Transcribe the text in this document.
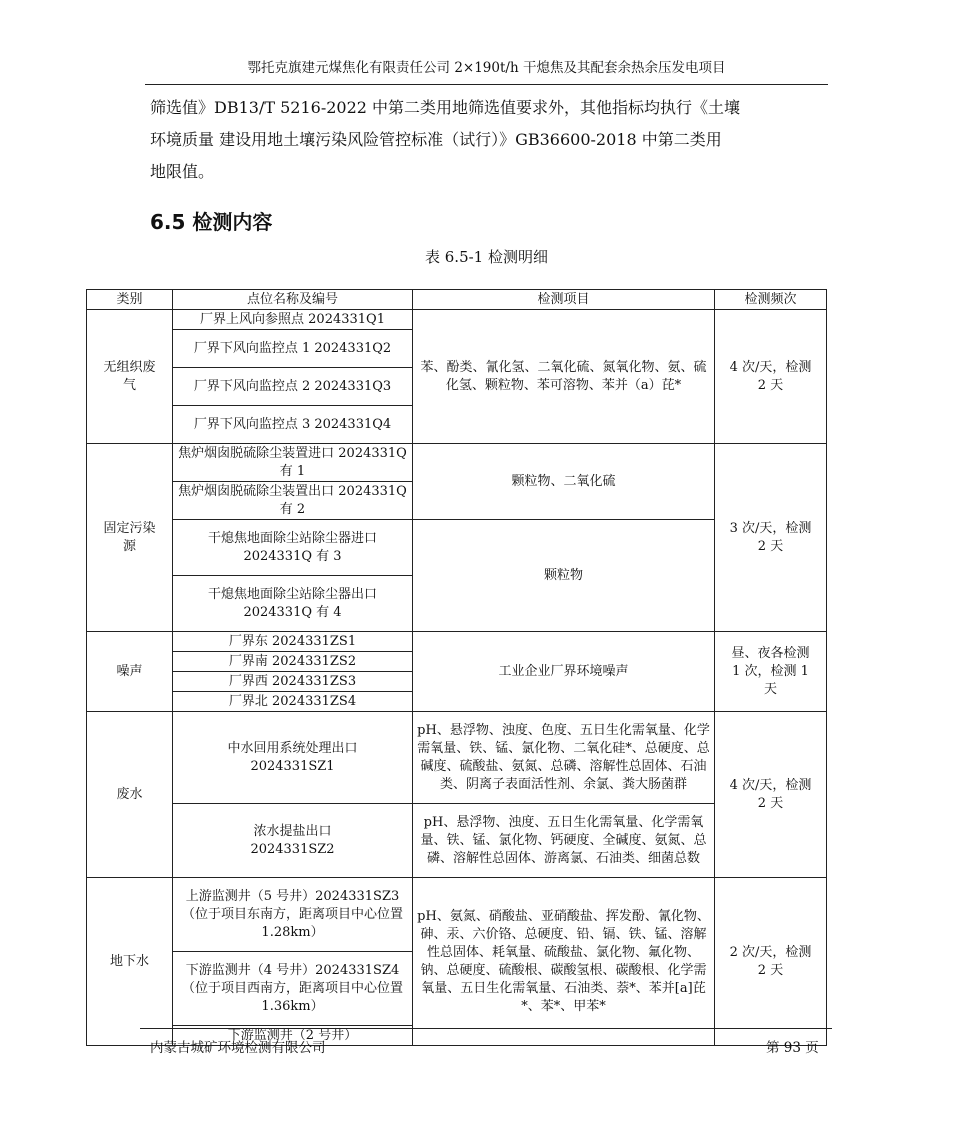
鄂托克旗建元煤焦化有限责任公司 2×190t/h 干熄焦及其配套余热余压发电项目
筛选值》DB13/T 5216-2022 中第二类用地筛选值要求外，其他指标均执行《土壤
环境质量 建设用地土壤污染风险管控标准（试行）》GB36600-2018 中第二类用
地限值。
6.5 检测内容
表 6.5-1 检测明细
类别	点位名称及编号	检测项目	检测频次
无组织废气	厂界上风向参照点 2024331Q1	苯、酚类、氰化氢、二氧化硫、氮氧化物、氨、硫化氢、颗粒物、苯可溶物、苯并（a）芘*	4 次/天，检测 2 天
	厂界下风向监控点 1 2024331Q2		
	厂界下风向监控点 2 2024331Q3		
	厂界下风向监控点 3 2024331Q4		
固定污染源	焦炉烟囱脱硫除尘装置进口 2024331Q 有 1	颗粒物、二氧化硫	3 次/天，检测 2 天
	焦炉烟囱脱硫除尘装置出口 2024331Q 有 2		
	干熄焦地面除尘站除尘器进口 2024331Q 有 3	颗粒物	
	干熄焦地面除尘站除尘器出口 2024331Q 有 4		
噪声	厂界东 2024331ZS1	工业企业厂界环境噪声	昼、夜各检测 1 次，检测 1 天
	厂界南 2024331ZS2		
	厂界西 2024331ZS3		
	厂界北 2024331ZS4		
废水	中水回用系统处理出口 2024331SZ1	pH、悬浮物、浊度、色度、五日生化需氧量、化学需氧量、铁、锰、氯化物、二氧化硅*、总硬度、总碱度、硫酸盐、氨氮、总磷、溶解性总固体、石油类、阴离子表面活性剂、余氯、粪大肠菌群	4 次/天，检测 2 天
	浓水提盐出口 2024331SZ2	pH、悬浮物、浊度、五日生化需氧量、化学需氧量、铁、锰、氯化物、钙硬度、全碱度、氨氮、总磷、溶解性总固体、游离氯、石油类、细菌总数	
地下水	上游监测井（5 号井）2024331SZ3（位于项目东南方，距离项目中心位置 1.28km）	pH、氨氮、硝酸盐、亚硝酸盐、挥发酚、氰化物、砷、汞、六价铬、总硬度、铅、镉、铁、锰、溶解性总固体、耗氧量、硫酸盐、氯化物、氟化物、钠、总硬度、硫酸根、碳酸氢根、碳酸根、化学需氧量、五日生化需氧量、石油类、萘*、苯并[a]芘*、苯*、甲苯*	2 次/天，检测 2 天
	下游监测井（4 号井）2024331SZ4（位于项目西南方，距离项目中心位置 1.36km）		
	下游监测井（2 号井）		
内蒙古城矿环境检测有限公司	第 93 页
